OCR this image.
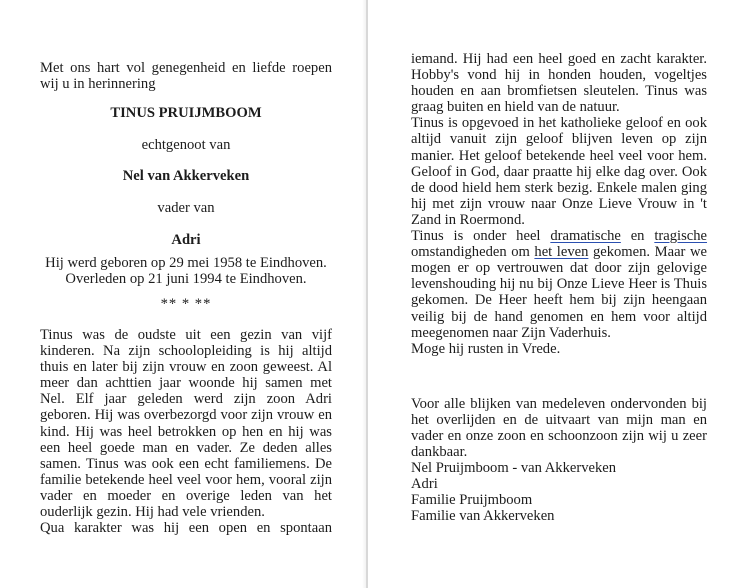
Met ons hart vol genegenheid en liefde roepen wij u in herinnering

TINUS PRUIJMBOOM

echtgenoot van

Nel van Akkerveken

vader van

Adri

Hij werd geboren op 29 mei 1958 te Eindhoven.

Overleden op 21 juni 1994 te Eindhoven.

** * **

Tinus was de oudste uit een gezin van vijf kinderen. Na zijn schoolopleiding is hij altijd thuis en later bij zijn vrouw en zoon geweest. Al meer dan achttien jaar woonde hij samen met Nel. Elf jaar geleden werd zijn zoon Adri geboren. Hij was overbezorgd voor zijn vrouw en kind. Hij was heel betrokken op hen en hij was een heel goede man en vader. Ze deden alles samen. Tinus was ook een echt familiemens. De familie betekende heel veel voor hem, vooral zijn vader en moeder en overige leden van het ouderlijk gezin. Hij had vele vrienden.

Qua karakter was hij een open en spontaan

iemand. Hij had een heel goed en zacht karakter. Hobby's vond hij in honden houden, vogeltjes houden en aan bromfietsen sleutelen. Tinus was graag buiten en hield van de natuur.

Tinus is opgevoed in het katholieke geloof en ook altijd vanuit zijn geloof blijven leven op zijn manier. Het geloof betekende heel veel voor hem. Geloof in God, daar praatte hij elke dag over. Ook de dood hield hem sterk bezig. Enkele malen ging hij met zijn vrouw naar Onze Lieve Vrouw in 't Zand in Roermond.

Tinus is onder heel dramatische en tragische omstandigheden om het leven gekomen. Maar we mogen er op vertrouwen dat door zijn gelovige levenshouding hij nu bij Onze Lieve Heer is Thuis gekomen. De Heer heeft hem bij zijn heengaan veilig bij de hand genomen en hem voor altijd meegenomen naar Zijn Vaderhuis.

Moge hij rusten in Vrede.

Voor alle blijken van medeleven ondervonden bij het overlijden en de uitvaart van mijn man en vader en onze zoon en schoonzoon zijn wij u zeer dankbaar.

Nel Pruijmboom - van Akkerveken

Adri

Familie Pruijmboom

Familie van Akkerveken
